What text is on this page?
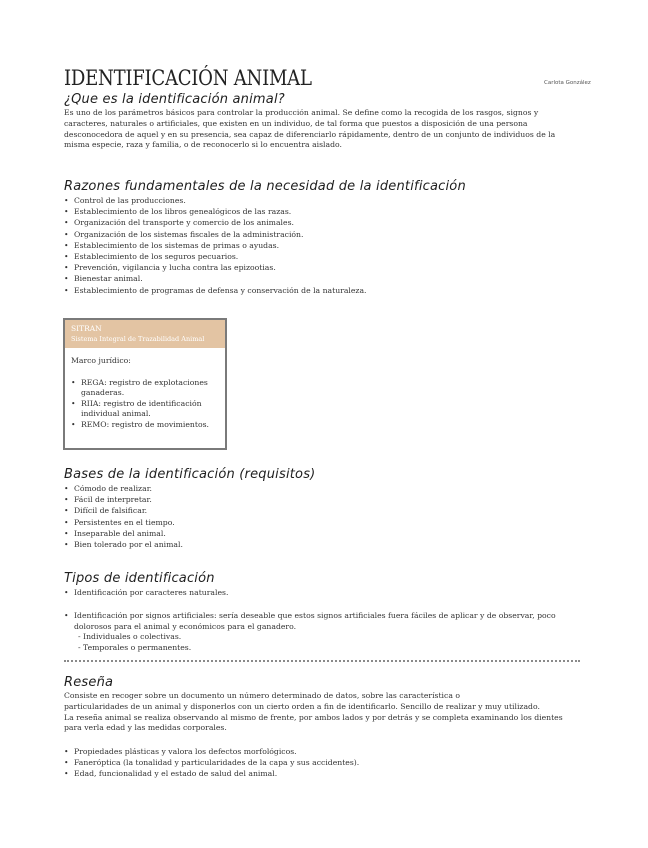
IDENTIFICACIÓN ANIMAL	Carlota González
¿Que es la identificación animal?

Es uno de los parámetros básicos para controlar la producción animal. Se define como la recogida de los rasgos, signos y caracteres, naturales o artificiales, que existen en un individuo, de tal forma que puestos a disposición de una persona desconocedora de aquel y en su presencia, sea capaz de diferenciarlo rápidamente, dentro de un conjunto de individuos de la misma especie, raza y familia, o de reconocerlo si lo encuentra aislado.

Razones fundamentales de la necesidad de la identificación
• Control de las producciones.
• Establecimiento de los libros genealógicos de las razas.
• Organización del transporte y comercio de los animales.
• Organización de los sistemas fiscales de la administración.
• Establecimiento de los sistemas de primas o ayudas.
• Establecimiento de los seguros pecuarios.
• Prevención, vigilancia y lucha contra las epizootias.
• Bienestar animal.
• Establecimiento de programas de defensa y conservación de la naturaleza.
SITRAN
Sistema Integral de Trazabilidad Animal
Marco jurídico:
• REGA: registro de explotaciones ganaderas.
• RIIA: registro de identificación individual animal.
• REMO: registro de movimientos.
Bases de la identificación (requisitos)
• Cómodo de realizar.
• Fácil de interpretar.
• Difícil de falsificar.
• Persistentes en el tiempo.
• Inseparable del animal.
• Bien tolerado por el animal.
Tipos de identificación
• Identificación por caracteres naturales.
• Identificación por signos artificiales: sería deseable que estos signos artificiales fuera fáciles de aplicar y de observar, poco
dolorosos para el animal y económicos para el ganadero.
- Individuales o colectivas.
- Temporales o permanentes.
Reseña
Consiste en recoger sobre un documento un número determinado de datos, sobre las característica o
particularidades de un animal y disponerlos con un cierto orden a fin de identificarlo. Sencillo de realizar y muy utilizado.
La reseña animal se realiza observando al mismo de frente, por ambos lados y por detrás y se completa examinando los dientes
para verla edad y las medidas corporales.
• Propiedades plásticas y valora los defectos morfológicos.
• Faneróptica (la tonalidad y particularidades de la capa y sus accidentes).
• Edad, funcionalidad y el estado de salud del animal.
